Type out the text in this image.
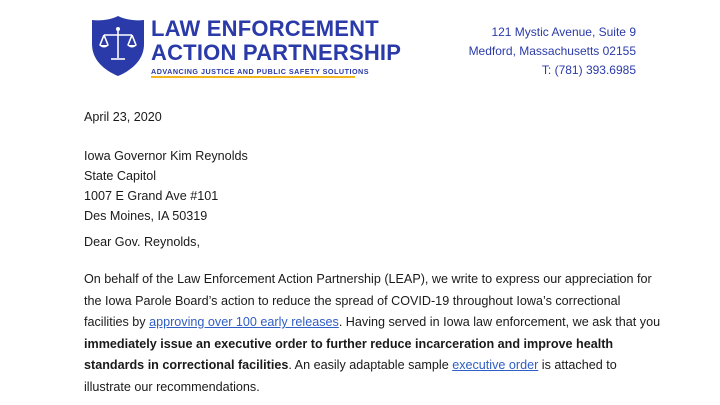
LAW ENFORCEMENT
ACTION PARTNERSHIP
ADVANCING JUSTICE AND PUBLIC SAFETY SOLUTIONS
121 Mystic Avenue, Suite 9
Medford, Massachusetts 02155
T: (781) 393.6985
April 23, 2020
Iowa Governor Kim Reynolds
State Capitol
1007 E Grand Ave #101
Des Moines, IA 50319
Dear Gov. Reynolds,
On behalf of the Law Enforcement Action Partnership (LEAP), we write to express our appreciation for
the Iowa Parole Board’s action to reduce the spread of COVID-19 throughout Iowa’s correctional
facilities by approving over 100 early releases. Having served in Iowa law enforcement, we ask that you
immediately issue an executive order to further reduce incarceration and improve health
standards in correctional facilities. An easily adaptable sample executive order is attached to
illustrate our recommendations.
